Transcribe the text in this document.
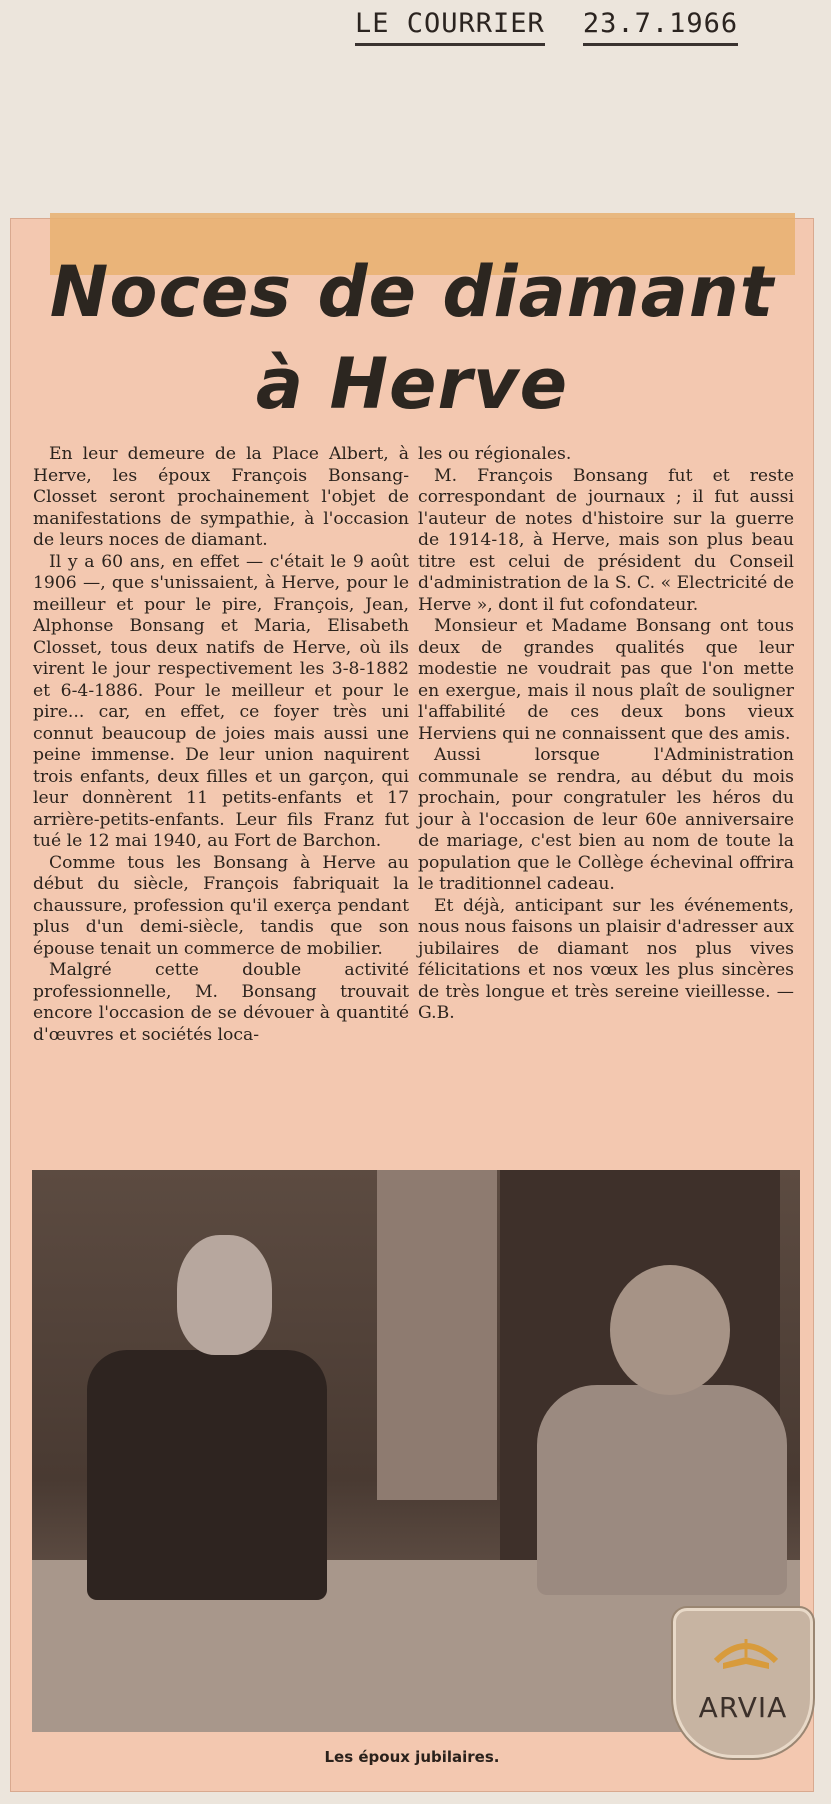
LE COURRIER 23.7.1966
Noces de diamant
à Herve

En leur demeure de la Place Albert, à Herve, les époux François Bonsang-Closset seront prochainement l'objet de manifestations de sympathie, à l'occasion de leurs noces de diamant.

Il y a 60 ans, en effet — c'était le 9 août 1906 —, que s'unissaient, à Herve, pour le meilleur et pour le pire, François, Jean, Alphonse Bonsang et Maria, Elisabeth Closset, tous deux natifs de Herve, où ils virent le jour respectivement les 3-8-1882 et 6-4-1886. Pour le meilleur et pour le pire... car, en effet, ce foyer très uni connut beaucoup de joies mais aussi une peine immense. De leur union naquirent trois enfants, deux filles et un garçon, qui leur donnèrent 11 petits-enfants et 17 arrière-petits-enfants. Leur fils Franz fut tué le 12 mai 1940, au Fort de Barchon.

Comme tous les Bonsang à Herve au début du siècle, François fabriquait la chaussure, profession qu'il exerça pendant plus d'un demi-siècle, tandis que son épouse tenait un commerce de mobilier.

Malgré cette double activité professionnelle, M. Bonsang trouvait encore l'occasion de se dévouer à quantité d'œuvres et sociétés loca-

les ou régionales.

M. François Bonsang fut et reste correspondant de journaux ; il fut aussi l'auteur de notes d'histoire sur la guerre de 1914-18, à Herve, mais son plus beau titre est celui de président du Conseil d'administration de la S. C. « Electricité de Herve », dont il fut cofondateur.

Monsieur et Madame Bonsang ont tous deux de grandes qualités que leur modestie ne voudrait pas que l'on mette en exergue, mais il nous plaît de souligner l'affabilité de ces deux bons vieux Herviens qui ne connaissent que des amis.

Aussi lorsque l'Administration communale se rendra, au début du mois prochain, pour congratuler les héros du jour à l'occasion de leur 60e anniversaire de mariage, c'est bien au nom de toute la population que le Collège échevinal offrira le traditionnel cadeau.

Et déjà, anticipant sur les événements, nous nous faisons un plaisir d'adresser aux jubilaires de diamant nos plus vives félicitations et nos vœux les plus sincères de très longue et très sereine vieillesse. — G.B.

Les époux jubilaires.
ARVIA
